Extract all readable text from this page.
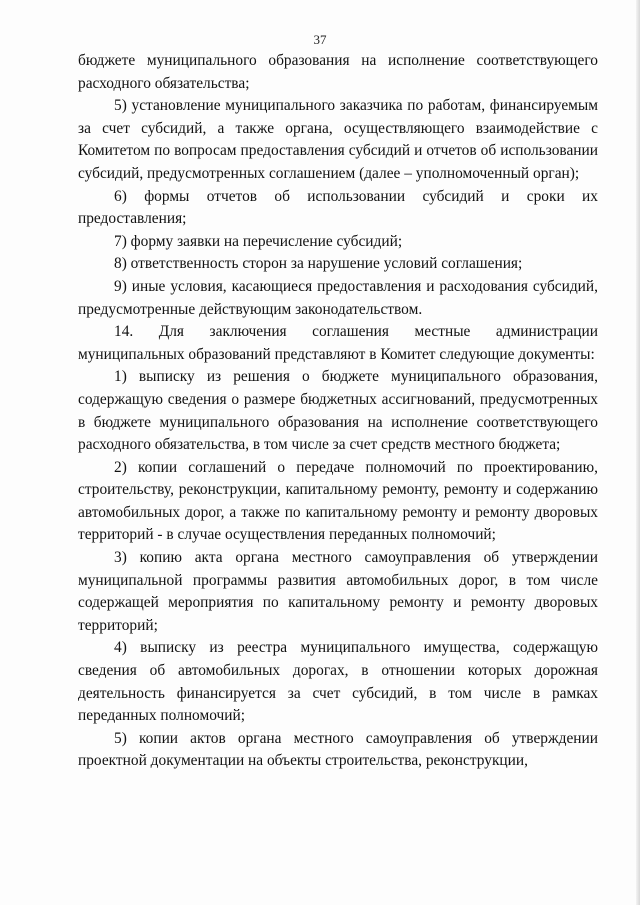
37

бюджете муниципального образования на исполнение соответствующего расходного обязательства;

5) установление муниципального заказчика по работам, финансируемым за счет субсидий, а также органа, осуществляющего взаимодействие с Комитетом по вопросам предоставления субсидий и отчетов об использовании субсидий, предусмотренных соглашением (далее – уполномоченный орган);

6) формы отчетов об использовании субсидий и сроки их предоставления;

7) форму заявки на перечисление субсидий;

8) ответственность сторон за нарушение условий соглашения;

9) иные условия, касающиеся предоставления и расходования субсидий, предусмотренные действующим законодательством.

14. Для заключения соглашения местные администрации муниципальных образований представляют в Комитет следующие документы:

1) выписку из решения о бюджете муниципального образования, содержащую сведения о размере бюджетных ассигнований, предусмотренных в бюджете муниципального образования на исполнение соответствующего расходного обязательства, в том числе за счет средств местного бюджета;

2) копии соглашений о передаче полномочий по проектированию, строительству, реконструкции, капитальному ремонту, ремонту и содержанию автомобильных дорог, а также по капитальному ремонту и ремонту дворовых территорий - в случае осуществления переданных полномочий;

3) копию акта органа местного самоуправления об утверждении муниципальной программы развития автомобильных дорог, в том числе содержащей мероприятия по капитальному ремонту и ремонту дворовых территорий;

4) выписку из реестра муниципального имущества, содержащую сведения об автомобильных дорогах, в отношении которых дорожная деятельность финансируется за счет субсидий, в том числе в рамках переданных полномочий;

5) копии актов органа местного самоуправления об утверждении проектной документации на объекты строительства, реконструкции,
